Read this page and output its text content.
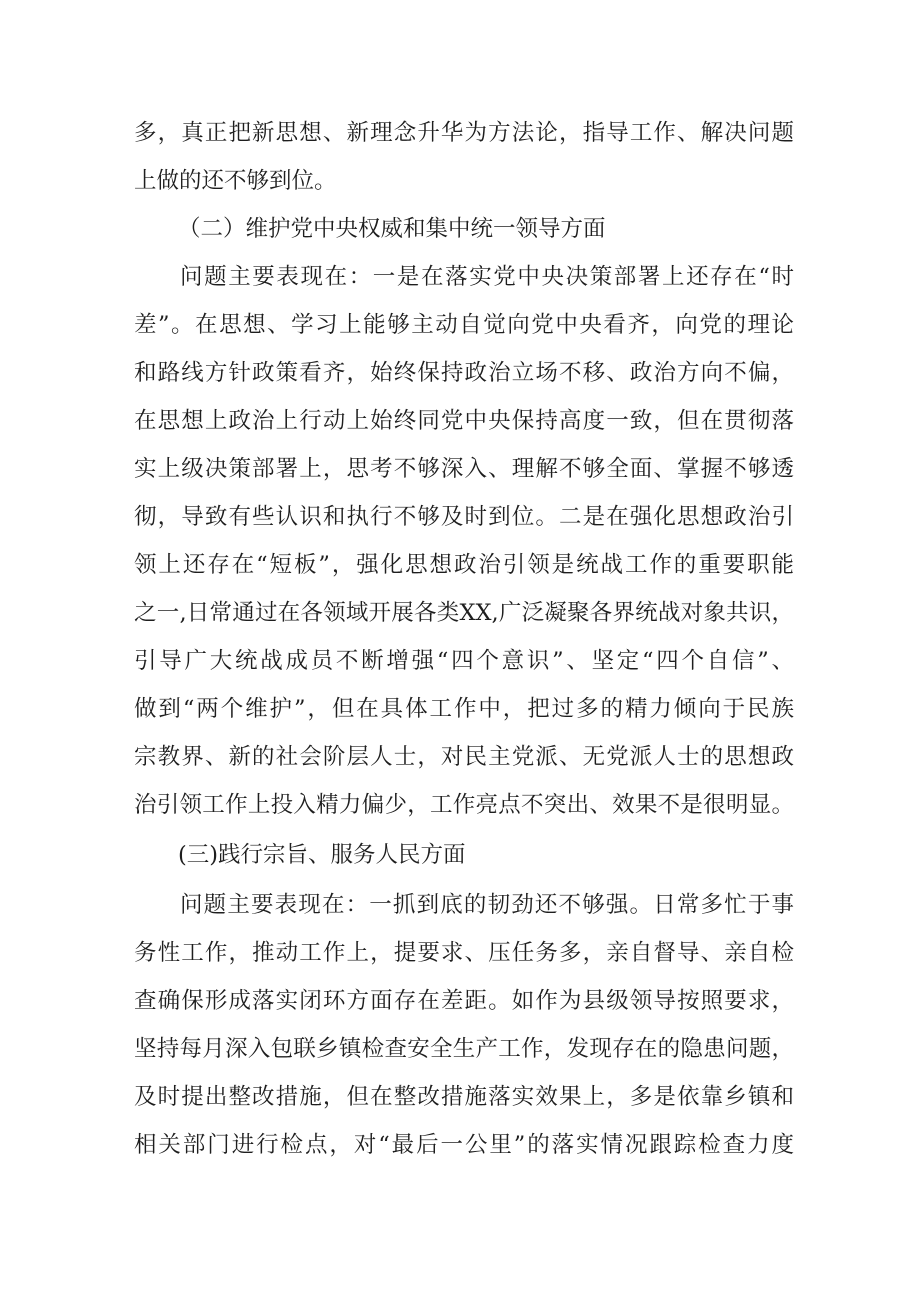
多，真正把新思想、新理念升华为方法论，指导工作、解决问题
上做的还不够到位。
（二）维护党中央权威和集中统一领导方面
问题主要表现在：一是在落实党中央决策部署上还存在“时
差”。在思想、学习上能够主动自觉向党中央看齐，向党的理论
和路线方针政策看齐，始终保持政治立场不移、政治方向不偏，
在思想上政治上行动上始终同党中央保持高度一致，但在贯彻落
实上级决策部署上，思考不够深入、理解不够全面、掌握不够透
彻，导致有些认识和执行不够及时到位。二是在强化思想政治引
领上还存在“短板”，强化思想政治引领是统战工作的重要职能
之一,日常通过在各领域开展各类XX,广泛凝聚各界统战对象共识，
引导广大统战成员不断增强“四个意识”、坚定“四个自信”、
做到“两个维护”，但在具体工作中，把过多的精力倾向于民族
宗教界、新的社会阶层人士，对民主党派、无党派人士的思想政
治引领工作上投入精力偏少，工作亮点不突出、效果不是很明显。
(三)践行宗旨、服务人民方面
问题主要表现在：一抓到底的韧劲还不够强。日常多忙于事
务性工作，推动工作上，提要求、压任务多，亲自督导、亲自检
查确保形成落实闭环方面存在差距。如作为县级领导按照要求，
坚持每月深入包联乡镇检查安全生产工作，发现存在的隐患问题，
及时提出整改措施，但在整改措施落实效果上，多是依靠乡镇和
相关部门进行检点，对“最后一公里”的落实情况跟踪检查力度
